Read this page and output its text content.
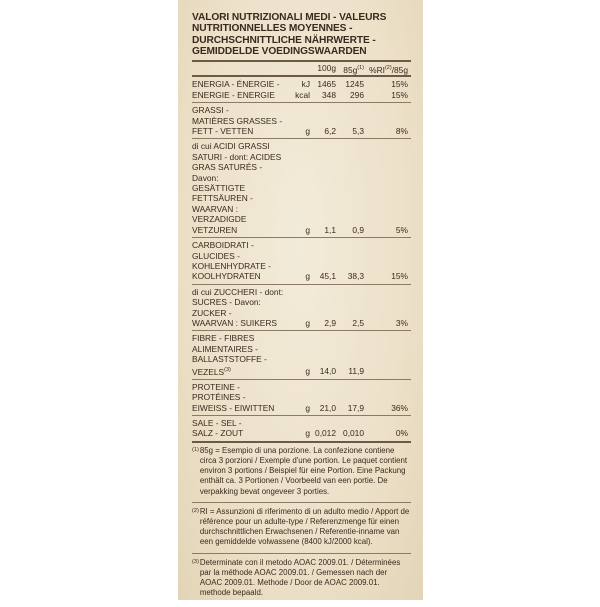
VALORI NUTRIZIONALI MEDI - VALEURS NUTRITIONNELLES MOYENNES - DURCHSCHNITTLICHE NÄHRWERTE - GEMIDDELDE VOEDINGSWAARDEN
100g $85g^{(1)}$ %RI$^{(2)}$/85g
ENERGIA - ÉNERGIE -	kJ 1465	1245	15%
ENERGIE - ENERGIE	kcal	348	296	15%
GRASSI -
MATIÈRES GRASSES -
FETT - VETTEN	g	6,2	5,3	8%
di cui ACIDI GRASSI
SATURI - dont: ACIDES
GRAS SATURÉS - Davon:
GESÄTTIGTE FETTSÄUREN -
WAARVAN : VERZADIGDE
VETZUREN	g	1,1	0,9	5%
CARBOIDRATI -
GLUCIDES -
KOHLENHYDRATE -
KOOLHYDRATEN	g	45,1	38,3	15%
di cui ZUCCHERI - dont:
SUCRES - Davon: ZUCKER -
WAARVAN : SUIKERS	g	2,9	2,5	3%
FIBRE - FIBRES
ALIMENTAIRES -
BALLASTSTOFFE -
VEZELS$^{(3)}$	g	14,0	11,9
PROTEINE - PROTÉINES -
EIWEISS - EIWITTEN	g	21,0	17,9	36%
SALE - SEL -
SALZ - ZOUT	g 0,012 0,010	0%
(1) 85g = Esempio di una porzione. La confezione contiene circa 3 porzioni / Exemple d'une portion. Le paquet contient environ 3 portions / Beispiel für eine Portion. Eine Packung enthält ca. 3 Portionen / Voorbeeld van een portie. De verpakking bevat ongeveer 3 porties.
(2) RI = Assunzioni di riferimento di un adulto medio / Apport de référence pour un adulte-type / Referenzmenge für einen durchschnittlichen Erwachsenen / Referentie-inname van een gemiddelde volwassene (8400 kJ/2000 kcal).
(3) Determinate con il metodo AOAC 2009.01. / Déterminées par la méthode AOAC 2009.01. / Gemessen nach der AOAC 2009.01. Methode / Door de AOAC 2009.01. methode bepaald.
